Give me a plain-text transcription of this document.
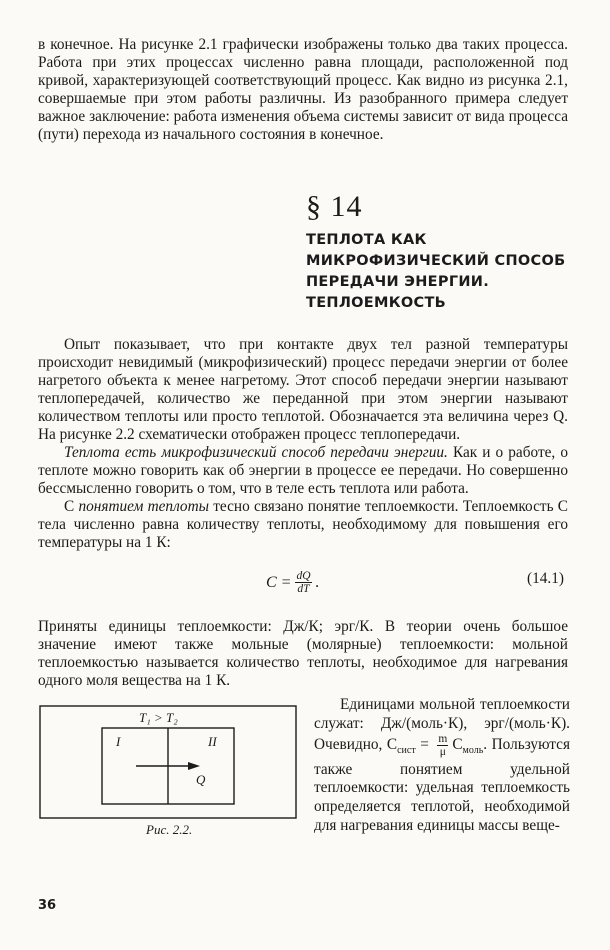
в конечное. На рисунке 2.1 графически изображены только два таких процесса. Работа при этих процессах численно равна площади, расположенной под кривой, характеризующей соответствующий процесс. Как видно из рисунка 2.1, совершаемые при этом работы различны. Из разобранного примера следует важное заключение: работа изменения объема системы зависит от вида процесса (пути) перехода из начального состояния в конечное.

§ 14
ТЕПЛОТА КАК
МИКРОФИЗИЧЕСКИЙ СПОСОБ
ПЕРЕДАЧИ ЭНЕРГИИ.
ТЕПЛОЕМКОСТЬ

Опыт показывает, что при контакте двух тел разной температуры происходит невидимый (микрофизический) процесс передачи энергии от более нагретого объекта к менее нагретому. Этот способ передачи энергии называют теплопередачей, количество же переданной при этом энергии называют количеством теплоты или просто теплотой. Обозначается эта величина через Q. На рисунке 2.2 схематически отображен процесс теплопередачи.

Теплота есть микрофизический способ передачи энергии. Как и о работе, о теплоте можно говорить как об энергии в процессе ее передачи. Но совершенно бессмысленно говорить о том, что в теле есть теплота или работа.

С понятием теплоты тесно связано понятие теплоемкости. Теплоемкость C тела численно равна количеству теплоты, необходимому для повышения его температуры на 1 К:

$C = \frac{dQ}{dT}$ .	(14.1)

Приняты единицы теплоемкости: Дж/К; эрг/К. В теории очень большое значение имеют также мольные (молярные) теплоемкости: мольной теплоемкостью называется количество теплоты, необходимое для нагревания одного моля вещества на 1 К.

T₁ > T₂
I	II
Q
Рис. 2.2.
Единицами мольной теплоемкости служат: Дж/(моль·К), эрг/(моль·К). Очевидно, $C_{сист} = \frac{m}{\mu} C_{моль}$. Пользуются также понятием удельной теплоемкости: удельная теплоемкость определяется теплотой, необходимой для нагревания единицы массы веще-
36
